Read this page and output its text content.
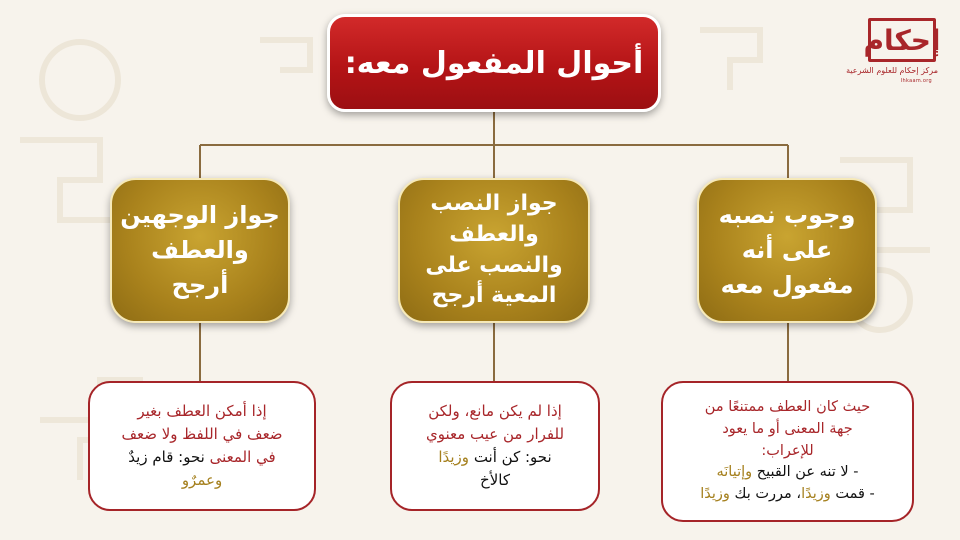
إحكام
مركز إحكام للعلوم الشرعية
Ihkaam.org
أحوال المفعول معه:
وجوب نصبه
على أنه
مفعول معه
جواز النصب
والعطف
والنصب على
المعية أرجح
جواز الوجهين
والعطف
أرجح
حيث كان العطف ممتنعًا من
جهة المعنى أو ما يعود
للإعراب:
- لا تنه عن القبيح وإتيانَه
- قمت وزيدًا، مررت بك وزيدًا
إذا لم يكن مانع، ولكن
للفرار من عيب معنوي
نحو: كن أنت وزيدًا
كالأخ
إذا أمكن العطف بغير
ضعف في اللفظ ولا ضعف
في المعنى نحو: قام زيدٌ
وعمرٌو
